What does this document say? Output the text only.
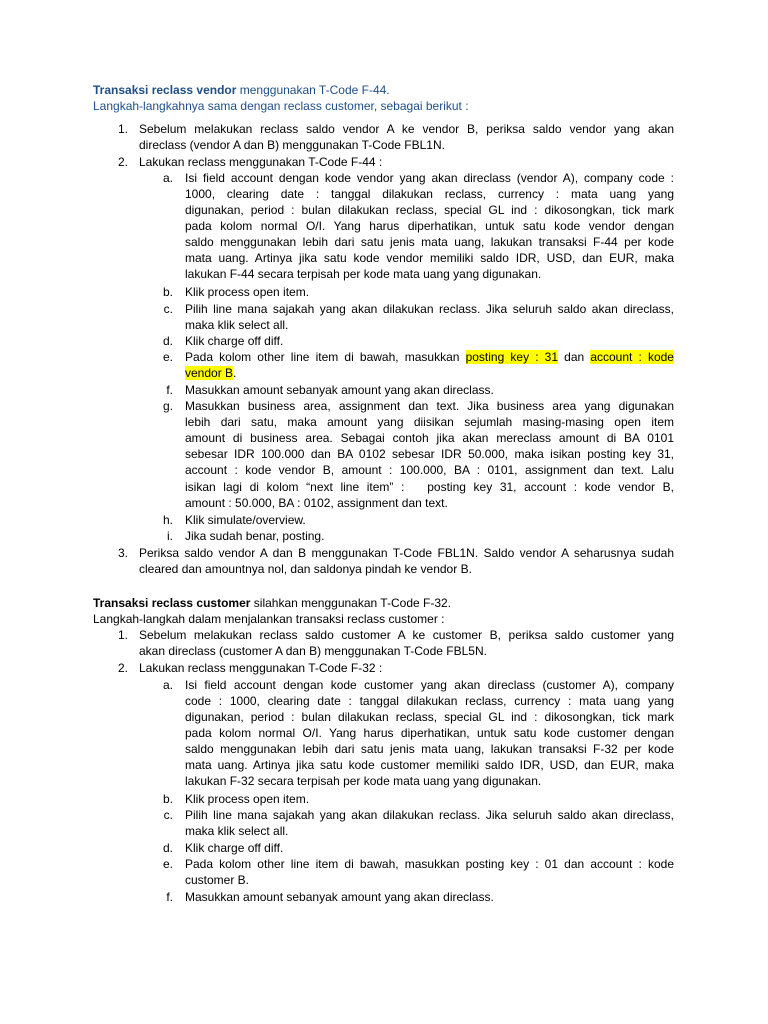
Transaksi reclass vendor menggunakan T-Code F-44.
Langkah-langkahnya sama dengan reclass customer, sebagai berikut :
1. Sebelum melakukan reclass saldo vendor A ke vendor B, periksa saldo vendor yang akan
direclass (vendor A dan B) menggunakan T-Code FBL1N.
2. Lakukan reclass menggunakan T-Code F-44 :
a. Isi field account dengan kode vendor yang akan direclass (vendor A), company code :
1000, clearing date : tanggal dilakukan reclass, currency : mata uang yang
digunakan, period : bulan dilakukan reclass, special GL ind : dikosongkan, tick mark
pada kolom normal O/I. Yang harus diperhatikan, untuk satu kode vendor dengan
saldo menggunakan lebih dari satu jenis mata uang, lakukan transaksi F-44 per kode
mata uang. Artinya jika satu kode vendor memiliki saldo IDR, USD, dan EUR, maka
lakukan F-44 secara terpisah per kode mata uang yang digunakan.
b. Klik process open item.
c. Pilih line mana sajakah yang akan dilakukan reclass. Jika seluruh saldo akan direclass,
maka klik select all.
d. Klik charge off diff.
e. Pada kolom other line item di bawah, masukkan posting key : 31 dan account : kode
vendor B.
f. Masukkan amount sebanyak amount yang akan direclass.
g. Masukkan business area, assignment dan text. Jika business area yang digunakan
lebih dari satu, maka amount yang diisikan sejumlah masing-masing open item
amount di business area. Sebagai contoh jika akan mereclass amount di BA 0101
sebesar IDR 100.000 dan BA 0102 sebesar IDR 50.000, maka isikan posting key 31,
account : kode vendor B, amount : 100.000, BA : 0101, assignment dan text. Lalu
isikan lagi di kolom “next line item” :   posting key 31, account : kode vendor B,
amount : 50.000, BA : 0102, assignment dan text.
h. Klik simulate/overview.
i. Jika sudah benar, posting.
3. Periksa saldo vendor A dan B menggunakan T-Code FBL1N. Saldo vendor A seharusnya sudah
cleared dan amountnya nol, dan saldonya pindah ke vendor B.
Transaksi reclass customer silahkan menggunakan T-Code F-32.
Langkah-langkah dalam menjalankan transaksi reclass customer :
1. Sebelum melakukan reclass saldo customer A ke customer B, periksa saldo customer yang
akan direclass (customer A dan B) menggunakan T-Code FBL5N.
2. Lakukan reclass menggunakan T-Code F-32 :
a. Isi field account dengan kode customer yang akan direclass (customer A), company
code : 1000, clearing date : tanggal dilakukan reclass, currency : mata uang yang
digunakan, period : bulan dilakukan reclass, special GL ind : dikosongkan, tick mark
pada kolom normal O/I. Yang harus diperhatikan, untuk satu kode customer dengan
saldo menggunakan lebih dari satu jenis mata uang, lakukan transaksi F-32 per kode
mata uang. Artinya jika satu kode customer memiliki saldo IDR, USD, dan EUR, maka
lakukan F-32 secara terpisah per kode mata uang yang digunakan.
b. Klik process open item.
c. Pilih line mana sajakah yang akan dilakukan reclass. Jika seluruh saldo akan direclass,
maka klik select all.
d. Klik charge off diff.
e. Pada kolom other line item di bawah, masukkan posting key : 01 dan account : kode
customer B.
f. Masukkan amount sebanyak amount yang akan direclass.
